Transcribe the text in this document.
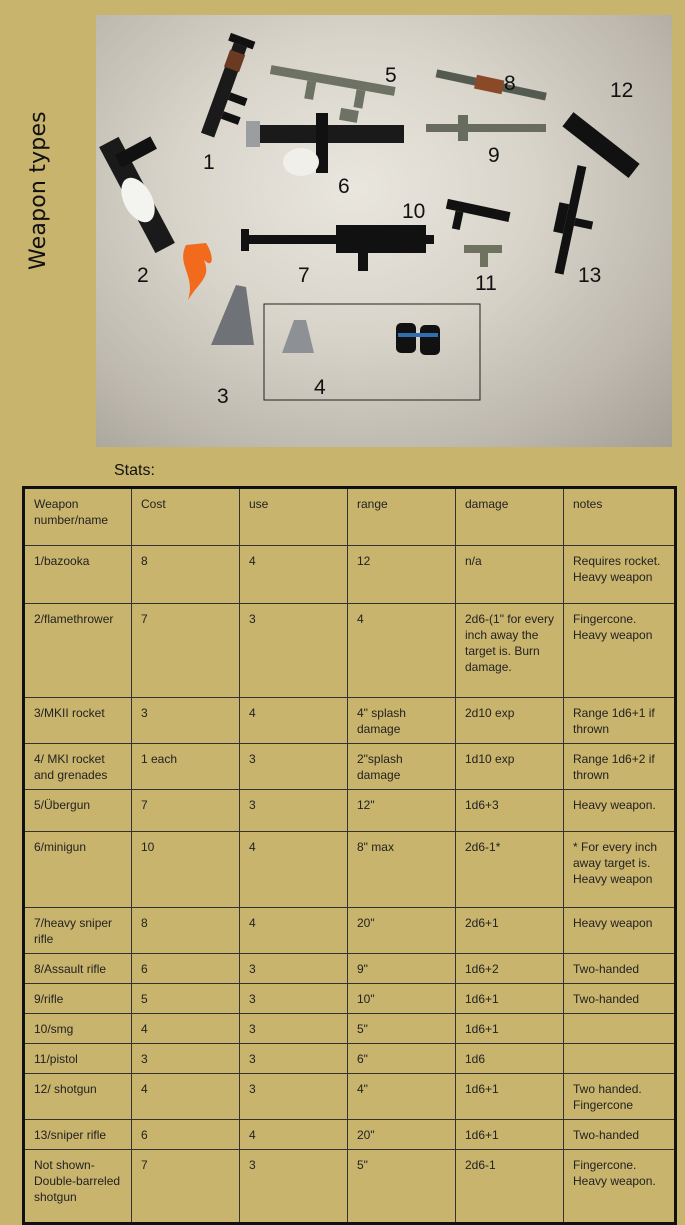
Weapon types	1
2
3	4
5
6
7
8
9
10
11
12
13
Stats:
Weapon number/name	Cost	use	range	damage	notes
1/bazooka	8	4	12	n/a	Requires rocket. Heavy weapon
2/flamethrower	7	3	4	2d6-(1" for every inch away the target is. Burn damage.	Fingercone. Heavy weapon
3/MKII rocket	3	4	4" splash damage	2d10 exp	Range 1d6+1 if thrown
4/ MKI rocket and grenades	1 each	3	2"splash damage	1d10 exp	Range 1d6+2 if thrown
5/Übergun	7	3	12"	1d6+3	Heavy weapon.
6/minigun	10	4	8" max	2d6-1*	* For every inch away target is. Heavy weapon
7/heavy sniper rifle	8	4	20"	2d6+1	Heavy weapon
8/Assault rifle	6	3	9"	1d6+2	Two-handed
9/rifle	5	3	10"	1d6+1	Two-handed
10/smg	4	3	5"	1d6+1	
11/pistol	3	3	6"	1d6	
12/ shotgun	4	3	4"	1d6+1	Two handed. Fingercone
13/sniper rifle	6	4	20"	1d6+1	Two-handed
Not shown- Double-barreled shotgun	7	3	5"	2d6-1	Fingercone. Heavy weapon.
